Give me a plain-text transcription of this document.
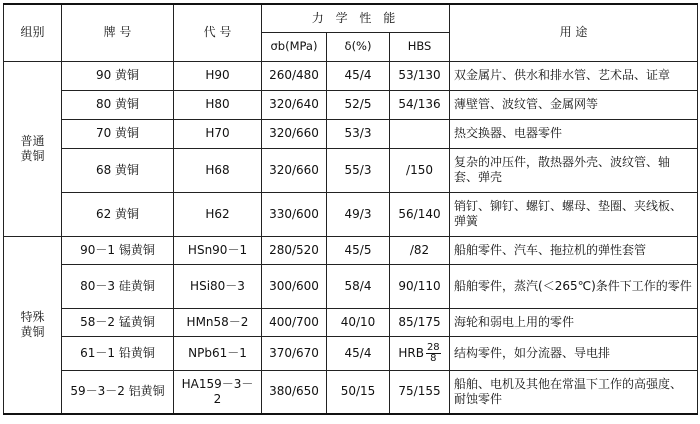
组别	牌 号	代 号	力 学 性 能			用 途
			σb(MPa)	δ(%)	HBS	
普通
黄铜	90 黄铜	H90	260/480	45/4	53/130	双金属片、供水和排水管、艺术品、证章
	80 黄铜	H80	320/640	52/5	54/136	薄壁管、波纹管、金属网等
	70 黄铜	H70	320/660	53/3		热交换器、电器零件
	68 黄铜	H68	320/660	55/3	/150	复杂的冲压件，散热器外壳、波纹管、轴套、弹壳
	62 黄铜	H62	330/600	49/3	56/140	销钉、铆钉、螺钉、螺母、垫圈、夹线板、弹簧
特殊
黄铜	90－1 锡黄铜	HSn90－1	280/520	45/5	/82	船舶零件、汽车、拖拉机的弹性套管
	80－3 硅黄铜	HSi80－3	300/600	58/4	90/110	船舶零件，蒸汽(＜265℃)条件下工作的零件
	58－2 锰黄铜	HMn58－2	400/700	40/10	85/175	海轮和弱电上用的零件
	61－1 铅黄铜	NPb61－1	370/670	45/4	HRB $\frac{28}{8}$	结构零件，如分流器、导电排
	59－3－2 铝黄铜	HA159－3－2	380/650	50/15	75/155	船舶、电机及其他在常温下工作的高强度、耐蚀零件
